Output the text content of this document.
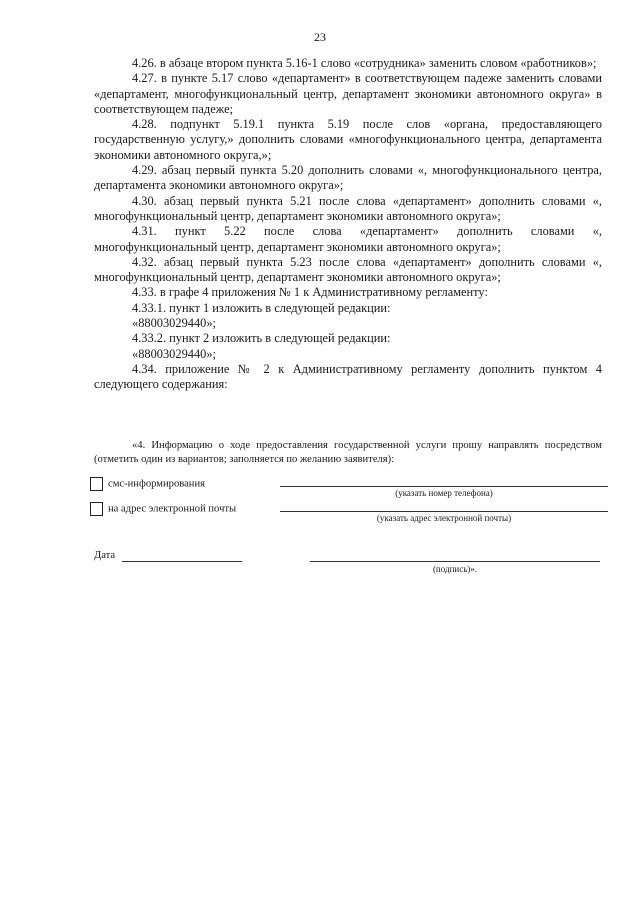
23

4.26. в абзаце втором пункта 5.16-1 слово «сотрудника» заменить словом «работников»;

4.27. в пункте 5.17 слово «департамент» в соответствующем падеже заменить словами «департамент, многофункциональный центр, департамент экономики автономного округа» в соответствующем падеже;

4.28. подпункт 5.19.1 пункта 5.19 после слов «органа, предоставляющего государственную услугу,» дополнить словами «многофункционального центра, департамента экономики автономного округа,»;

4.29. абзац первый пункта 5.20 дополнить словами «, многофункционального центра, департамента экономики автономного округа»;

4.30. абзац первый пункта 5.21 после слова «департамент» дополнить словами «, многофункциональный центр, департамент экономики автономного округа»;

4.31. пункт 5.22 после слова «департамент» дополнить словами «, многофункциональный центр, департамент экономики автономного округа»;

4.32. абзац первый пункта 5.23 после слова «департамент» дополнить словами «, многофункциональный центр, департамент экономики автономного округа»;

4.33. в графе 4 приложения № 1 к Административному регламенту:

4.33.1. пункт 1 изложить в следующей редакции:

«88003029440»;

4.33.2. пункт 2 изложить в следующей редакции:

«88003029440»;

4.34. приложение № 2 к Административному регламенту дополнить пунктом 4 следующего содержания:

«4. Информацию о ходе предоставления государственной услуги прошу направлять посредством (отметить один из вариантов; заполняется по желанию заявителя):

смс-информирования
(указать номер телефона)
на адрес электронной почты
(указать адрес электронной почты)
Дата
(подпись)».
